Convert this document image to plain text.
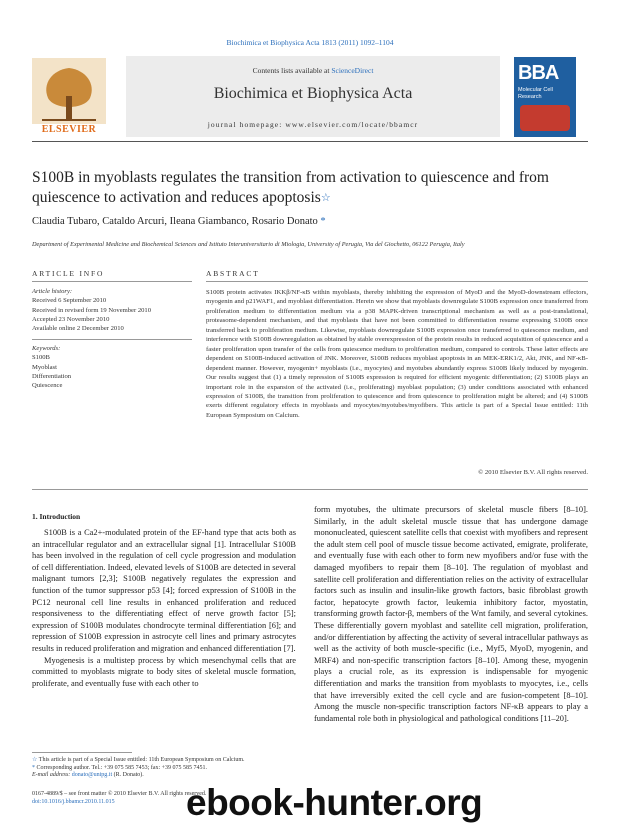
Biochimica et Biophysica Acta 1813 (2011) 1092–1104
Contents lists available at ScienceDirect
Biochimica et Biophysica Acta
journal homepage: www.elsevier.com/locate/bbamcr
ELSEVIER
BBA
Molecular Cell Research
S100B in myoblasts regulates the transition from activation to quiescence and from quiescence to activation and reduces apoptosis☆
Claudia Tubaro, Cataldo Arcuri, Ileana Giambanco, Rosario Donato *
Department of Experimental Medicine and Biochemical Sciences and Istituto Interuniversitario di Miologia, University of Perugia, Via del Giochetto, 06122 Perugia, Italy
ARTICLE INFO	ABSTRACT
Article history:
Received 6 September 2010
Received in revised form 19 November 2010
Accepted 23 November 2010
Available online 2 December 2010
Keywords:
S100B
Myoblast
Differentiation
Quiescence
S100B protein activates IKKβ/NF-κB within myoblasts, thereby inhibiting the expression of MyoD and the MyoD-downstream effectors, myogenin and p21WAF1, and myoblast differentiation. Herein we show that myoblasts downregulate S100B expression once transferred from proliferation medium to differentiation medium via a p38 MAPK-driven transcriptional mechanism as well as a post-translational, proteasome-dependent mechanism, and that myoblasts that have not been committed to differentiation resume expressing S100B once transferred back to proliferation medium. Likewise, myoblasts downregulate S100B expression once transferred to quiescence medium, and interference with S100B downregulation as obtained by stable overexpression of the protein results in reduced acquisition of quiescence and a faster proliferation upon transfer of the cells from quiescence medium to proliferation medium, compared to controls. These latter effects are dependent on S100B-induced activation of JNK. Moreover, S100B reduces myoblast apoptosis in an MEK-ERK1/2, Akt, JNK, and NF-κB-dependent manner. However, myogenin+ myoblasts (i.e., myocytes) and myotubes abundantly express S100B likely induced by myogenin. Our results suggest that (1) a timely repression of S100B expression is required for efficient myogenic differentiation; (2) S100B plays an important role in the expansion of the activated (i.e., proliferating) myoblast population; (3) under conditions associated with enhanced expression of S100B, the transition from proliferation to quiescence and from quiescence to proliferation might be altered; and (4) S100B exerts different regulatory effects in myoblasts and myocytes/myotubes/myofibers. This article is part of a Special Issue entitled: 11th European Symposium on Calcium.
© 2010 Elsevier B.V. All rights reserved.
1. Introduction

S100B is a Ca2+-modulated protein of the EF-hand type that acts both as an intracellular regulator and an extracellular signal [1]. Intracellular S100B has been involved in the regulation of cell cycle progression and modulation of cell differentiation. Indeed, elevated levels of S100B are detected in several malignant tumors [2,3]; S100B negatively regulates the expression and function of the tumor suppressor p53 [4]; forced expression of S100B in the PC12 neuronal cell line results in enhanced proliferation and reduced responsiveness to the differentiating effect of nerve growth factor [5]; expression of S100B modulates chondrocyte terminal differentiation [6]; and repression of S100B expression in astrocyte cell lines and primary astrocytes results in reduced proliferation and migration and enhanced differentiation [7].

Myogenesis is a multistep process by which mesenchymal cells that are committed to myoblasts migrate to body sites of skeletal muscle formation, proliferate, and eventually fuse with each other to

form myotubes, the ultimate precursors of skeletal muscle fibers [8–10]. Similarly, in the adult skeletal muscle tissue that has undergone damage mononucleated, quiescent satellite cells that coexist with myofibers and represent the adult stem cell pool of muscle tissue become activated, emigrate, proliferate, and eventually fuse with each other to form new myofibers and/or fuse with the damaged myofibers to repair them [8–10]. The regulation of myoblast and satellite cell proliferation and differentiation relies on the activity of extracellular factors such as insulin and insulin-like growth factors, basic fibroblast growth factor, hepatocyte growth factor, leukemia inhibitory factor, myostatin, transforming growth factor-β, members of the Wnt family, and several cytokines. These differentially govern myoblast and satellite cell migration, proliferation, and/or differentiation by affecting the activity of several intracellular pathways as well as the activity of both muscle-specific (i.e., Myf5, MyoD, myogenin, and MRF4) and non-specific transcription factors [8–10]. Among these, myogenin plays a crucial role, as its expression is indispensable for myogenic differentiation and marks the transition from myoblasts to myocytes, i.e., cells that have irreversibly exited the cell cycle and are fusion-competent [8–10]. Among the muscle non-specific transcription factors NF-κB appears to play a fundamental role both in physiological and pathological conditions [11–20].

☆ This article is part of a Special Issue entitled: 11th European Symposium on Calcium.
* Corresponding author. Tel.: +39 075 585 7453; fax: +39 075 585 7451.
E-mail address: donato@unipg.it (R. Donato).
0167-4889/$ – see front matter © 2010 Elsevier B.V. All rights reserved.
doi:10.1016/j.bbamcr.2010.11.015	ebook-hunter.org
